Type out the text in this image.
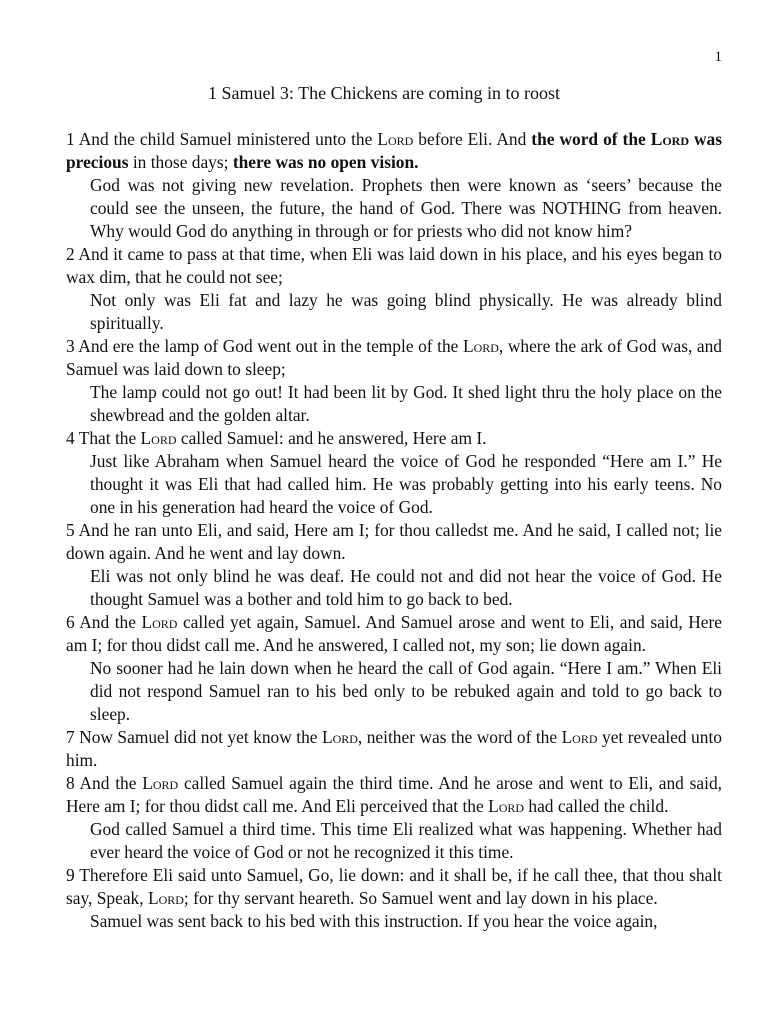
1
1 Samuel 3: The Chickens are coming in to roost

1 And the child Samuel ministered unto the Lord before Eli. And the word of the Lord was precious in those days; there was no open vision.

God was not giving new revelation. Prophets then were known as ‘seers’ because the could see the unseen, the future, the hand of God. There was NOTHING from heaven. Why would God do anything in through or for priests who did not know him?

2 And it came to pass at that time, when Eli was laid down in his place, and his eyes began to wax dim, that he could not see;

Not only was Eli fat and lazy he was going blind physically. He was already blind spiritually.

3 And ere the lamp of God went out in the temple of the Lord, where the ark of God was, and Samuel was laid down to sleep;

The lamp could not go out! It had been lit by God. It shed light thru the holy place on the shewbread and the golden altar.

4 That the Lord called Samuel: and he answered, Here am I.

Just like Abraham when Samuel heard the voice of God he responded “Here am I.” He thought it was Eli that had called him. He was probably getting into his early teens. No one in his generation had heard the voice of God.

5 And he ran unto Eli, and said, Here am I; for thou calledst me. And he said, I called not; lie down again. And he went and lay down.

Eli was not only blind he was deaf. He could not and did not hear the voice of God. He thought Samuel was a bother and told him to go back to bed.

6 And the Lord called yet again, Samuel. And Samuel arose and went to Eli, and said, Here am I; for thou didst call me. And he answered, I called not, my son; lie down again.

No sooner had he lain down when he heard the call of God again. “Here I am.” When Eli did not respond Samuel ran to his bed only to be rebuked again and told to go back to sleep.

7 Now Samuel did not yet know the Lord, neither was the word of the Lord yet revealed unto him.

8 And the Lord called Samuel again the third time. And he arose and went to Eli, and said, Here am I; for thou didst call me. And Eli perceived that the Lord had called the child.

God called Samuel a third time. This time Eli realized what was happening. Whether had ever heard the voice of God or not he recognized it this time.

9 Therefore Eli said unto Samuel, Go, lie down: and it shall be, if he call thee, that thou shalt say, Speak, Lord; for thy servant heareth. So Samuel went and lay down in his place.

Samuel was sent back to his bed with this instruction. If you hear the voice again,
